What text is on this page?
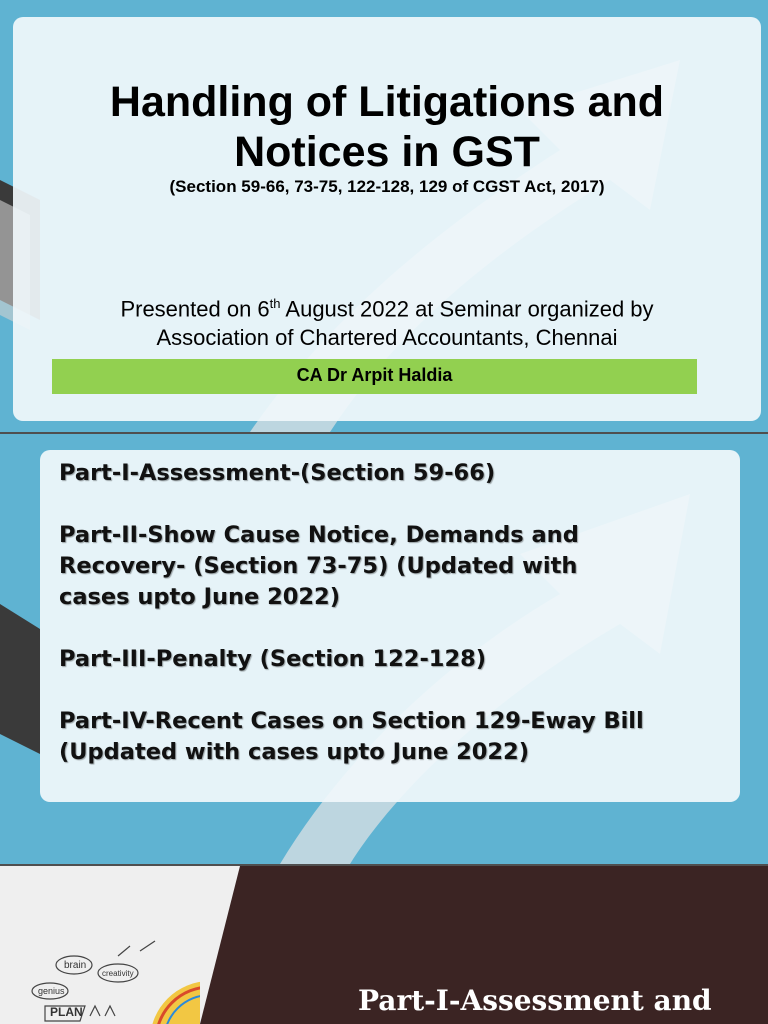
Handling of Litigations and
Notices in GST
(Section 59-66, 73-75, 122-128, 129 of CGST Act, 2017)
Presented on 6th August 2022 at Seminar organized by
Association of Chartered Accountants, Chennai
CA Dr Arpit Haldia
Part-I-Assessment-(Section 59-66)
Part-II-Show Cause Notice, Demands and
Recovery- (Section 73-75) (Updated with
cases upto June 2022)
Part-III-Penalty (Section 122-128)
Part-IV-Recent Cases on Section 129-Eway Bill
(Updated with cases upto June 2022)
brain
creativity
genius
PLAN	Part-I-Assessment and
